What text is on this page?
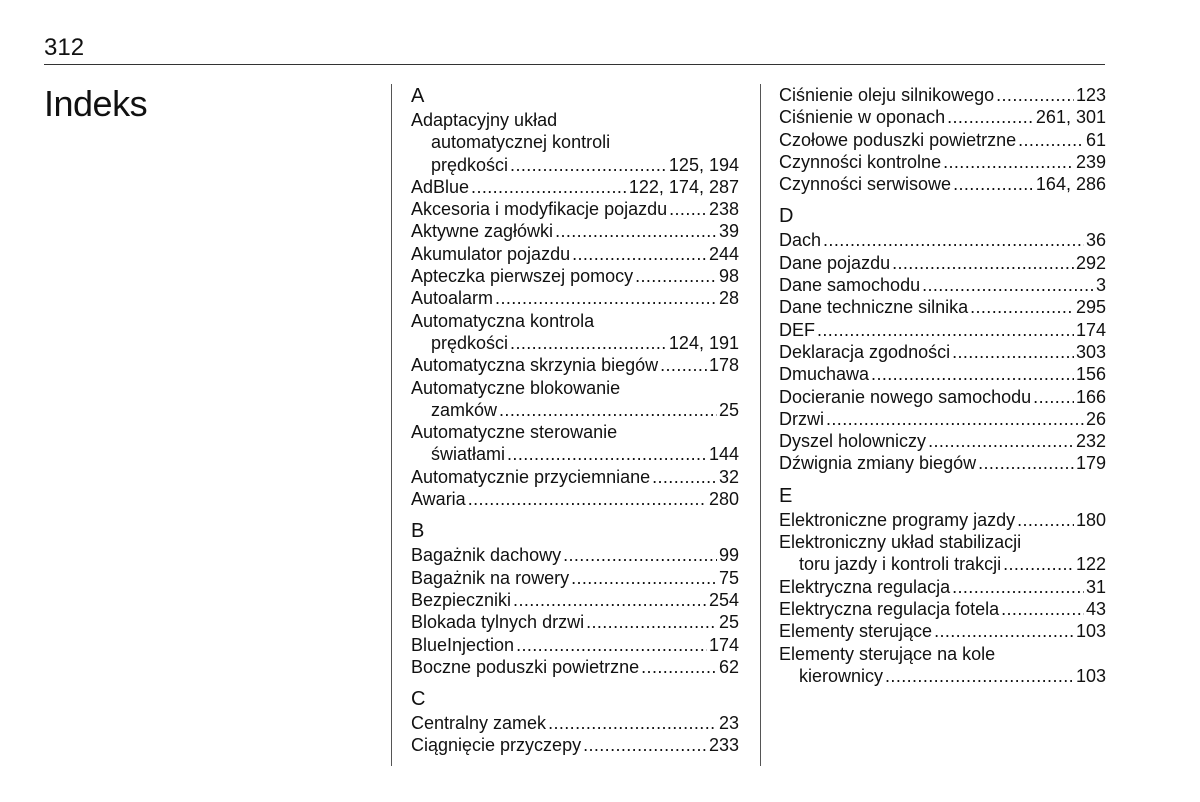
312
Indeks	A
Adaptacyjny układ
automatycznej kontroli
prędkości .....	125, 194
AdBlue .....	122, 174, 287
Akcesoria i modyfikacje pojazdu ..... 238
Aktywne zagłówki .....	39
Akumulator pojazdu .....	244
Apteczka pierwszej pomocy .....	98
Autoalarm .....	28
Automatyczna kontrola
prędkości .....	124, 191
Automatyczna skrzynia biegów .....	178
Automatyczne blokowanie
zamków .....	25
Automatyczne sterowanie
światłami .....	144
Automatycznie przyciemniane .....	32
Awaria .....	280
B
Bagażnik dachowy .....	99
Bagażnik na rowery .....	75
Bezpieczniki .....	254
Blokada tylnych drzwi .....	25
BlueInjection .....	174
Boczne poduszki powietrzne .....	62
C
Centralny zamek .....	23
Ciągnięcie przyczepy .....	233
Ciśnienie oleju silnikowego .....	123
Ciśnienie w oponach .....	261, 301
Czołowe poduszki powietrzne .....	61
Czynności kontrolne .....	239
Czynności serwisowe .....	164, 286
D
Dach .....	36
Dane pojazdu .....	292
Dane samochodu .....	3
Dane techniczne silnika .....	295
DEF .....	174
Deklaracja zgodności .....	303
Dmuchawa .....	156
Docieranie nowego samochodu ..... 166
Drzwi .....	26
Dyszel holowniczy .....	232
Dźwignia zmiany biegów .....	179
E
Elektroniczne programy jazdy .....	180
Elektroniczny układ stabilizacji
toru jazdy i kontroli trakcji .....	122
Elektryczna regulacja .....	31
Elektryczna regulacja fotela .....	43
Elementy sterujące .....	103
Elementy sterujące na kole
kierownicy .....	103
